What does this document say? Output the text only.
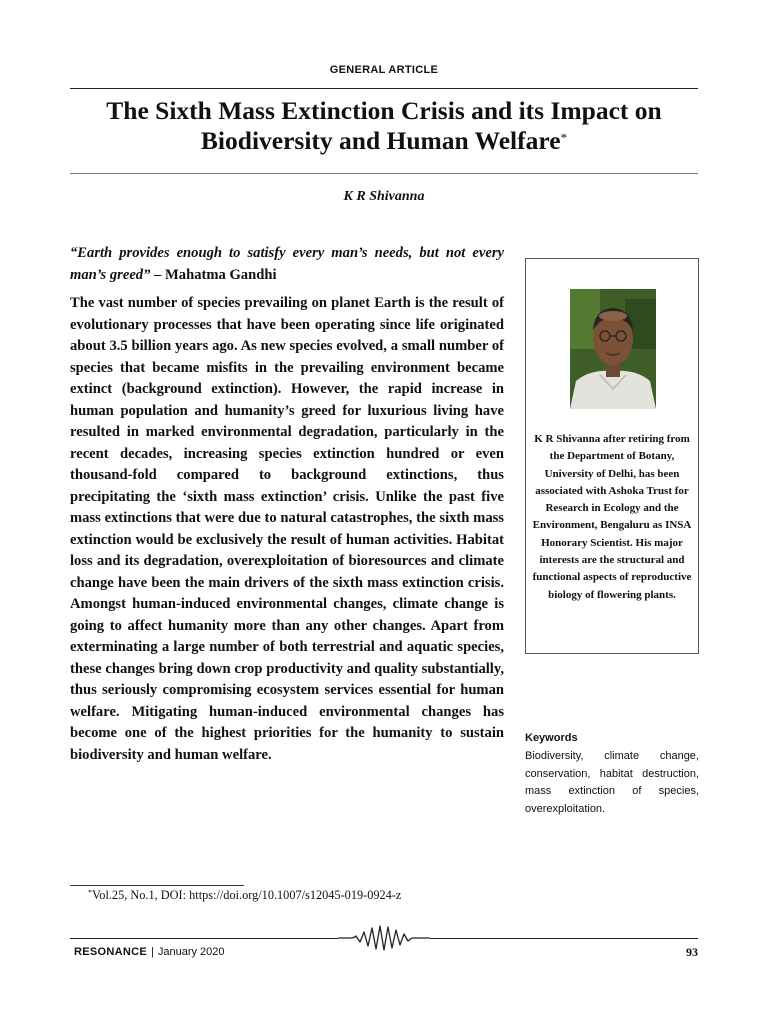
GENERAL ARTICLE
The Sixth Mass Extinction Crisis and its Impact on
Biodiversity and Human Welfare*
K R Shivanna
“Earth provides enough to satisfy every man’s needs, but not every man’s greed” – Mahatma Gandhi
The vast number of species prevailing on planet Earth is the result of evolutionary processes that have been operating since life originated about 3.5 billion years ago. As new species evolved, a small number of species that became misfits in the prevailing environment became extinct (background extinction). However, the rapid increase in human population and humanity’s greed for luxurious living have resulted in marked environmental degradation, particularly in the recent decades, increasing species extinction hundred or even thousand-fold compared to background extinctions, thus precipitating the ‘sixth mass extinction’ crisis. Unlike the past five mass extinctions that were due to natural catastrophes, the sixth mass extinction would be exclusively the result of human activities. Habitat loss and its degradation, overexploitation of bioresources and climate change have been the main drivers of the sixth mass extinction crisis. Amongst human-induced environmental changes, climate change is going to affect humanity more than any other changes. Apart from exterminating a large number of both terrestrial and aquatic species, these changes bring down crop productivity and quality substantially, thus seriously compromising ecosystem services essential for human welfare. Mitigating human-induced environmental changes has become one of the highest priorities for the humanity to sustain biodiversity and human welfare.
K R Shivanna after retiring from the Department of Botany, University of Delhi, has been associated with Ashoka Trust for Research in Ecology and the Environment, Bengaluru as INSA Honorary Scientist. His major interests are the structural and functional aspects of reproductive biology of flowering plants.
Keywords
Biodiversity, climate change, conservation, habitat destruction, mass extinction of species, overexploitation.
*Vol.25, No.1, DOI: https://doi.org/10.1007/s12045-019-0924-z
RESONANCE | January 2020	93
